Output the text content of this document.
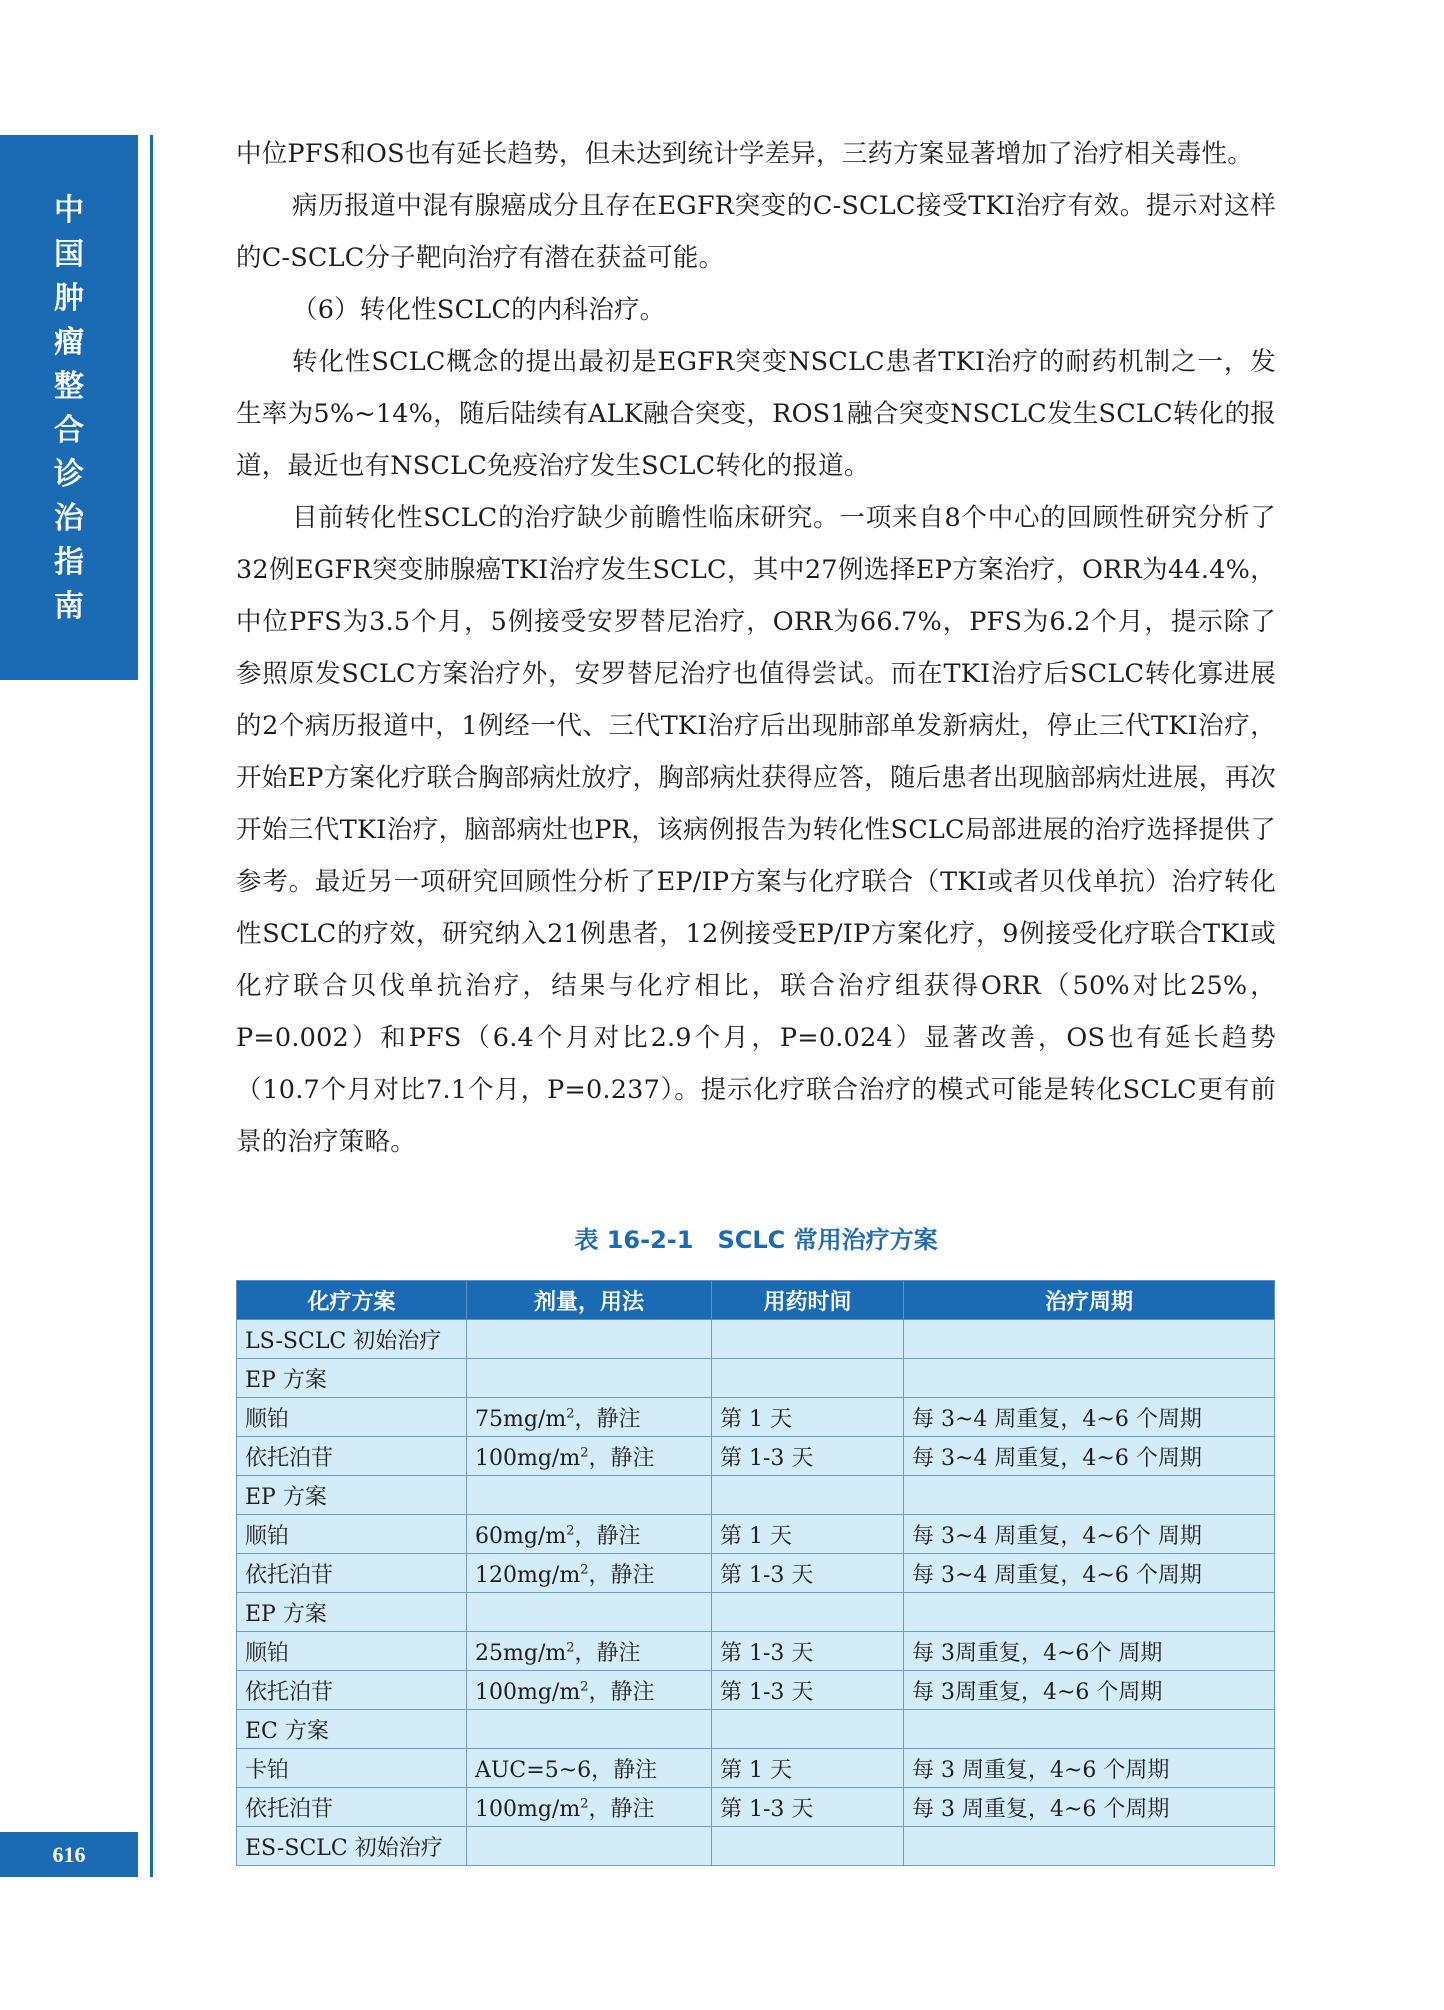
中
国
肿
瘤
整
合
诊
治
指
南
616

中位PFS和OS也有延长趋势，但未达到统计学差异，三药方案显著增加了治疗相关毒性。

病历报道中混有腺癌成分且存在EGFR突变的C-SCLC接受TKI治疗有效。提示对这样的C-SCLC分子靶向治疗有潜在获益可能。

（6）转化性SCLC的内科治疗。

转化性SCLC概念的提出最初是EGFR突变NSCLC患者TKI治疗的耐药机制之一，发生率为5%~14%，随后陆续有ALK融合突变，ROS1融合突变NSCLC发生SCLC转化的报道，最近也有NSCLC免疫治疗发生SCLC转化的报道。

目前转化性SCLC的治疗缺少前瞻性临床研究。一项来自8个中心的回顾性研究分析了32例EGFR突变肺腺癌TKI治疗发生SCLC，其中27例选择EP方案治疗，ORR为44.4%，中位PFS为3.5个月，5例接受安罗替尼治疗，ORR为66.7%，PFS为6.2个月，提示除了参照原发SCLC方案治疗外，安罗替尼治疗也值得尝试。而在TKI治疗后SCLC转化寡进展的2个病历报道中，1例经一代、三代TKI治疗后出现肺部单发新病灶，停止三代TKI治疗，开始EP方案化疗联合胸部病灶放疗，胸部病灶获得应答，随后患者出现脑部病灶进展，再次开始三代TKI治疗，脑部病灶也PR，该病例报告为转化性SCLC局部进展的治疗选择提供了参考。最近另一项研究回顾性分析了EP/IP方案与化疗联合（TKI或者贝伐单抗）治疗转化性SCLC的疗效，研究纳入21例患者，12例接受EP/IP方案化疗，9例接受化疗联合TKI或化疗联合贝伐单抗治疗，结果与化疗相比，联合治疗组获得ORR（50%对比25%，P=0.002）和PFS（6.4个月对比2.9个月，P=0.024）显著改善，OS也有延长趋势（10.7个月对比7.1个月，P=0.237）。提示化疗联合治疗的模式可能是转化SCLC更有前景的治疗策略。

表 16-2-1　SCLC 常用治疗方案
化疗方案	剂量，用法	用药时间	治疗周期
LS-SCLC 初始治疗			
EP 方案			
顺铂	$75mg/m^2$，静注	第 1 天	每 3~4 周重复，4~6 个周期
依托泊苷	$100mg/m^2$，静注	第 1-3 天	每 3~4 周重复，4~6 个周期
EP 方案			
顺铂	$60mg/m^2$，静注	第 1 天	每 3~4 周重复，4~6个 周期
依托泊苷	$120mg/m^2$，静注	第 1-3 天	每 3~4 周重复，4~6 个周期
EP 方案			
顺铂	$25mg/m^2$，静注	第 1-3 天	每 3周重复，4~6个 周期
依托泊苷	$100mg/m^2$，静注	第 1-3 天	每 3周重复，4~6 个周期
EC 方案			
卡铂	AUC=5~6，静注	第 1 天	每 3 周重复，4~6 个周期
依托泊苷	$100mg/m^2$，静注	第 1-3 天	每 3 周重复，4~6 个周期
ES-SCLC 初始治疗			
